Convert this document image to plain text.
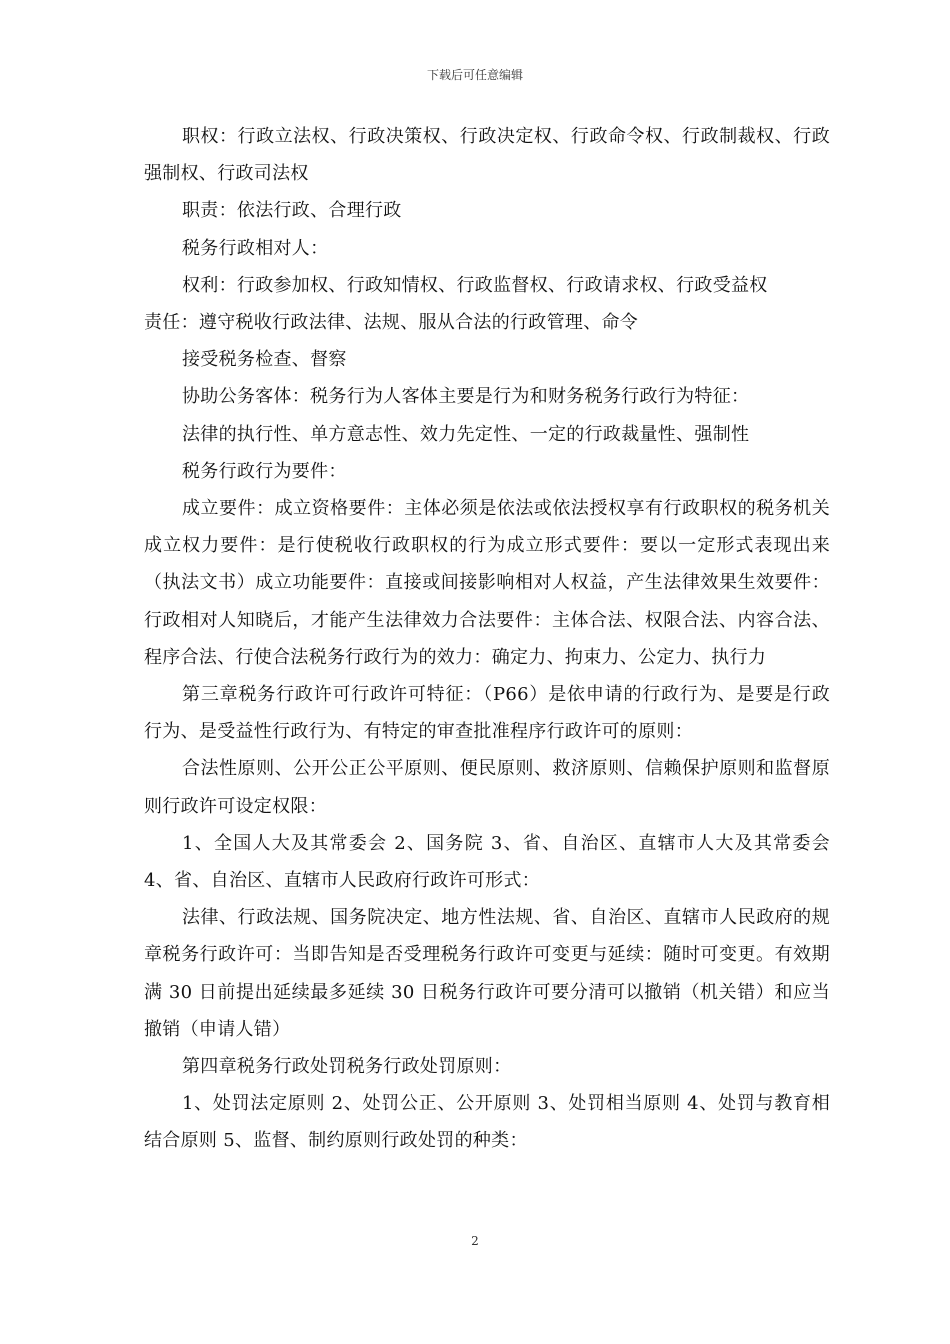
下载后可任意编辑

职权：行政立法权、行政决策权、行政决定权、行政命令权、行政制裁权、行政强制权、行政司法权

职责：依法行政、合理行政

税务行政相对人：

权利：行政参加权、行政知情权、行政监督权、行政请求权、行政受益权

责任：遵守税收行政法律、法规、服从合法的行政管理、命令

接受税务检查、督察

协助公务客体：税务行为人客体主要是行为和财务税务行政行为特征：

法律的执行性、单方意志性、效力先定性、一定的行政裁量性、强制性

税务行政行为要件：

成立要件：成立资格要件：主体必须是依法或依法授权享有行政职权的税务机关成立权力要件：是行使税收行政职权的行为成立形式要件：要以一定形式表现出来（执法文书）成立功能要件：直接或间接影响相对人权益，产生法律效果生效要件：行政相对人知晓后，才能产生法律效力合法要件：主体合法、权限合法、内容合法、程序合法、行使合法税务行政行为的效力：确定力、拘束力、公定力、执行力

第三章税务行政许可行政许可特征：（P66）是依申请的行政行为、是要是行政行为、是受益性行政行为、有特定的审查批准程序行政许可的原则：

合法性原则、公开公正公平原则、便民原则、救济原则、信赖保护原则和监督原则行政许可设定权限：

1、全国人大及其常委会 2、国务院 3、省、自治区、直辖市人大及其常委会 4、省、自治区、直辖市人民政府行政许可形式：

法律、行政法规、国务院决定、地方性法规、省、自治区、直辖市人民政府的规章税务行政许可：当即告知是否受理税务行政许可变更与延续：随时可变更。有效期满 30 日前提出延续最多延续 30 日税务行政许可要分清可以撤销（机关错）和应当撤销（申请人错）

第四章税务行政处罚税务行政处罚原则：

1、处罚法定原则 2、处罚公正、公开原则 3、处罚相当原则 4、处罚与教育相结合原则 5、监督、制约原则行政处罚的种类：

2
